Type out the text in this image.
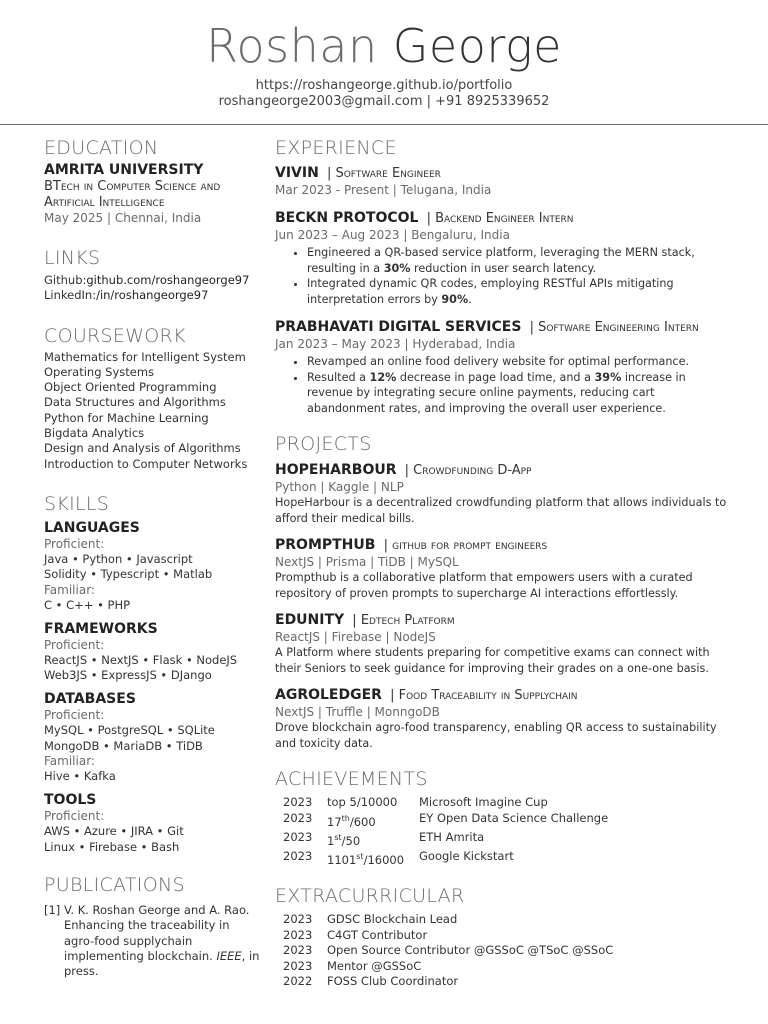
Roshan George
https://roshangeorge.github.io/portfolio
roshangeorge2003@gmail.com | +91 8925339652
EDUCATION
AMRITA UNIVERSITY
BTech in Computer Science and Artificial Intelligence
May 2025 | Chennai, India
LINKS
Github:github.com/roshangeorge97
LinkedIn:/in/roshangeorge97
COURSEWORK
Mathematics for Intelligent System
Operating Systems
Object Oriented Programming
Data Structures and Algorithms
Python for Machine Learning
Bigdata Analytics
Design and Analysis of Algorithms
Introduction to Computer Networks
SKILLS
LANGUAGES
Proficient:
Java • Python • Javascript
Solidity • Typescript • Matlab
Familiar:
C • C++ • PHP
FRAMEWORKS
Proficient:
ReactJS • NextJS • Flask • NodeJS
Web3JS • ExpressJS • DJango
DATABASES
Proficient:
MySQL • PostgreSQL • SQLite
MongoDB • MariaDB • TiDB
Familiar:
Hive • Kafka
TOOLS
Proficient:
AWS • Azure • JIRA • Git
Linux • Firebase • Bash
PUBLICATIONS
[1] V. K. Roshan George and A. Rao. Enhancing the traceability in agro-food supplychain implementing blockchain. IEEE, in press.
EXPERIENCE
VIVIN | Software Engineer
Mar 2023 - Present | Telugana, India
BECKN PROTOCOL | Backend Engineer Intern
Jun 2023 – Aug 2023 | Bengaluru, India
• Engineered a QR-based service platform, leveraging the MERN stack, resulting in a 30% reduction in user search latency.
• Integrated dynamic QR codes, employing RESTful APIs mitigating interpretation errors by 90%.
PRABHAVATI DIGITAL SERVICES | Software Engineering Intern
Jan 2023 – May 2023 | Hyderabad, India
• Revamped an online food delivery website for optimal performance.
• Resulted a 12% decrease in page load time, and a 39% increase in revenue by integrating secure online payments, reducing cart abandonment rates, and improving the overall user experience.
PROJECTS
HOPEHARBOUR | Crowdfunding D-App
Python | Kaggle | NLP
HopeHarbour is a decentralized crowdfunding platform that allows individuals to afford their medical bills.
PROMPTHUB | github for prompt engineers
NextJS | Prisma | TiDB | MySQL
Prompthub is a collaborative platform that empowers users with a curated repository of proven prompts to supercharge AI interactions effortlessly.
EDUNITY | Edtech Platform
ReactJS | Firebase | NodeJS
A Platform where students preparing for competitive exams can connect with their Seniors to seek guidance for improving their grades on a one-one basis.
AGROLEDGER | Food Traceability in Supplychain
NextJS | Truffle | MonngoDB
Drove blockchain agro-food transparency, enabling QR access to sustainability and toxicity data.
ACHIEVEMENTS
2023	top 5/10000	Microsoft Imagine Cup
2023	17th/600	EY Open Data Science Challenge
2023	1st/50	ETH Amrita
2023	1101st/16000	Google Kickstart
EXTRACURRICULAR
2023	GDSC Blockchain Lead
2023	C4GT Contributor
2023	Open Source Contributor @GSSoC @TSoC @SSoC
2023	Mentor @GSSoC
2022	FOSS Club Coordinator
